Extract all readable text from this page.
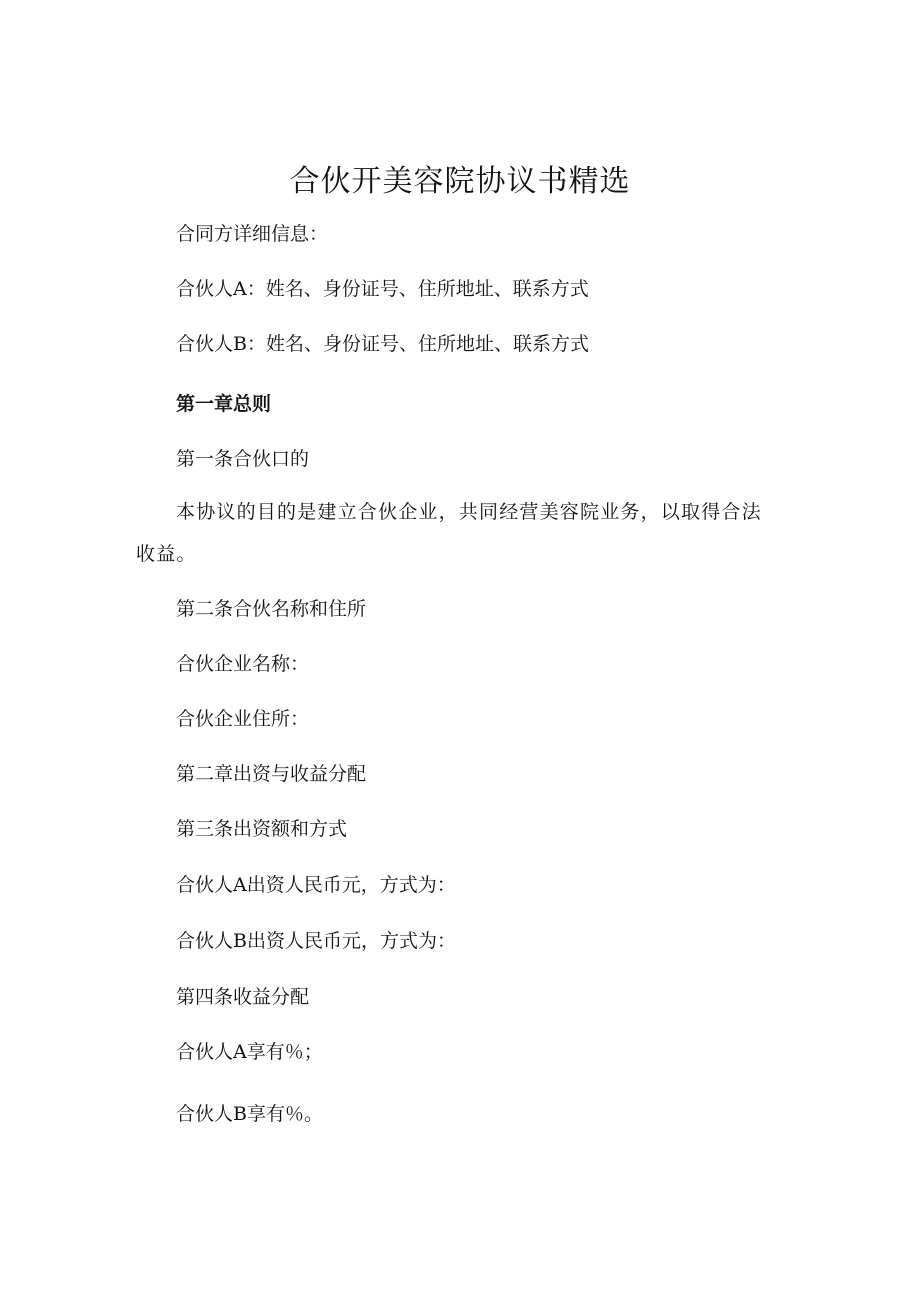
合伙开美容院协议书精选

合同方详细信息：

合伙人A：姓名、身份证号、住所地址、联系方式

合伙人B：姓名、身份证号、住所地址、联系方式

第一章总则

第一条合伙口的

本协议的目的是建立合伙企业，共同经营美容院业务，以取得合法收益。

第二条合伙名称和住所

合伙企业名称：

合伙企业住所：

第二章出资与收益分配

第三条出资额和方式

合伙人A出资人民币元，方式为：

合伙人B出资人民币元，方式为：

第四条收益分配

合伙人A享有％；

合伙人B享有％。
